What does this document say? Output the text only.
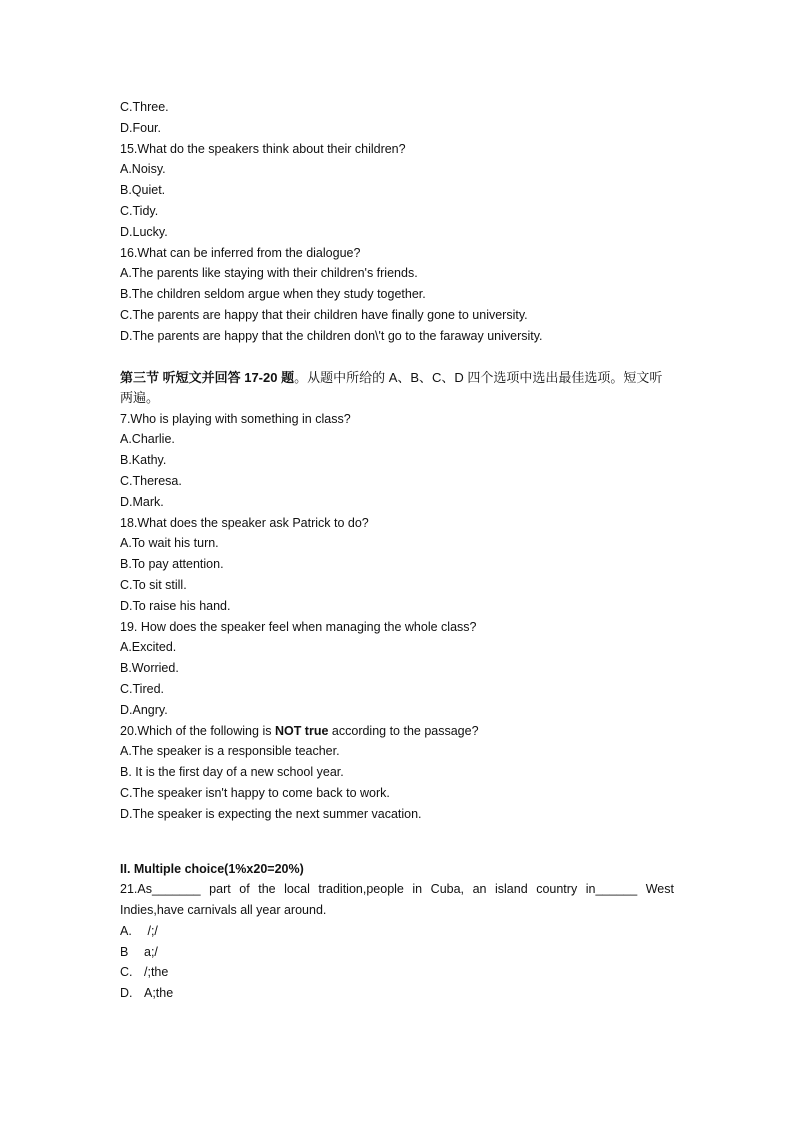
C.Three.
D.Four.
15.What do the speakers think about their children?
A.Noisy.
B.Quiet.
C.Tidy.
D.Lucky.
16.What can be inferred from the dialogue?
A.The parents like staying with their children's friends.
B.The children seldom argue when they study together.
C.The parents are happy that their children have finally gone to university.
D.The parents are happy that the children don\'t go to the faraway university.
第三节 听短文并回答 17-20 题。从题中所给的 A、B、C、D 四个选项中选出最佳选项。短文听两遍。
7.Who is playing with something in class?
A.Charlie.
B.Kathy.
C.Theresa.
D.Mark.
18.What does the speaker ask Patrick to do?
A.To wait his turn.
B.To pay attention.
C.To sit still.
D.To raise his hand.
19. How does the speaker feel when managing the whole class?
A.Excited.
B.Worried.
C.Tired.
D.Angry.
20.Which of the following is NOT true according to the passage?
A.The speaker is a responsible teacher.
B. It is the first day of a new school year.
C.The speaker isn't happy to come back to work.
D.The speaker is expecting the next summer vacation.
II. Multiple choice(1%x20=20%)
21.As_______ part of the local tradition,people in Cuba, an island country in______ West
Indies,have carnivals all year around.
A. /;/
B a;/
C. /;the
D. A;the
